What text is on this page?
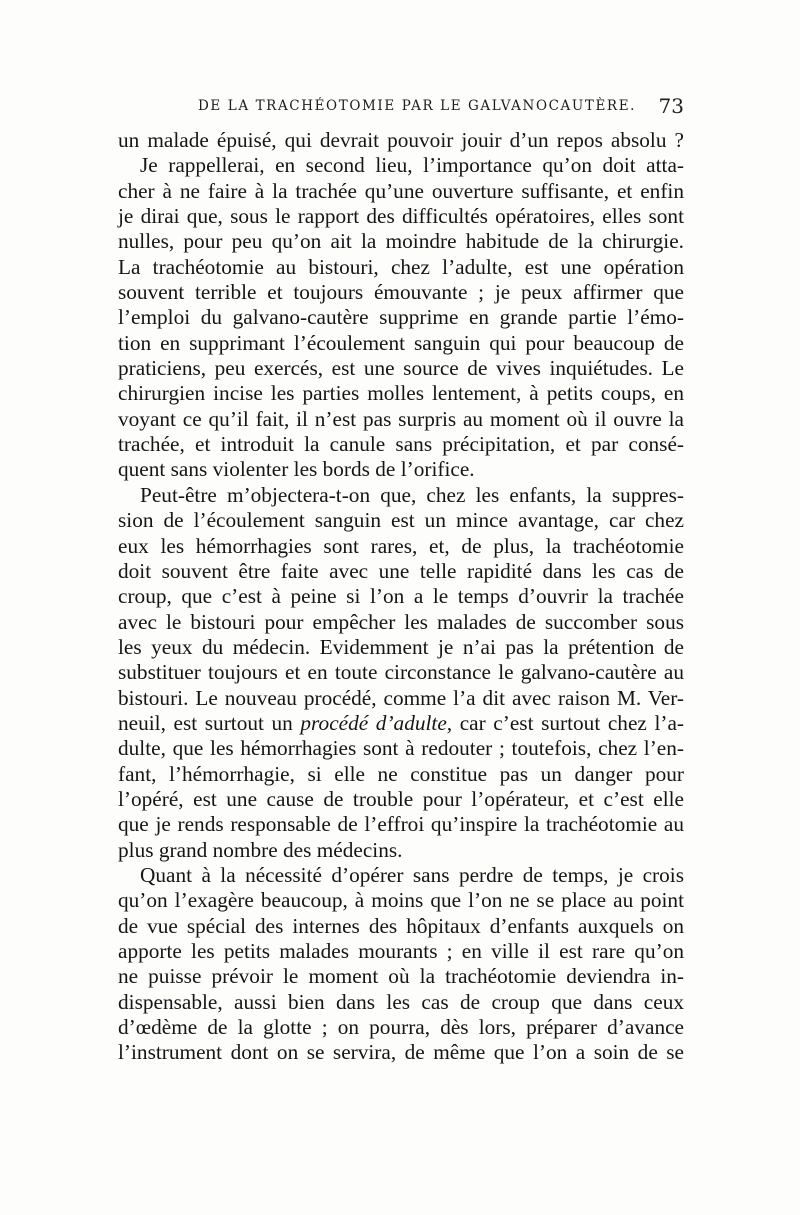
DE LA TRACHÉOTOMIE PAR LE GALVANOCAUTÈRE. 73
un malade épuisé, qui devrait pouvoir jouir d’un repos absolu ?
Je rappellerai, en second lieu, l’importance qu’on doit atta-
cher à ne faire à la trachée qu’une ouverture suffisante, et enfin
je dirai que, sous le rapport des difficultés opératoires, elles sont
nulles, pour peu qu’on ait la moindre habitude de la chirurgie.
La trachéotomie au bistouri, chez l’adulte, est une opération
souvent terrible et toujours émouvante ; je peux affirmer que
l’emploi du galvano-cautère supprime en grande partie l’émo-
tion en supprimant l’écoulement sanguin qui pour beaucoup de
praticiens, peu exercés, est une source de vives inquiétudes. Le
chirurgien incise les parties molles lentement, à petits coups, en
voyant ce qu’il fait, il n’est pas surpris au moment où il ouvre la
trachée, et introduit la canule sans précipitation, et par consé-
quent sans violenter les bords de l’orifice.
Peut-être m’objectera-t-on que, chez les enfants, la suppres-
sion de l’écoulement sanguin est un mince avantage, car chez
eux les hémorrhagies sont rares, et, de plus, la trachéotomie
doit souvent être faite avec une telle rapidité dans les cas de
croup, que c’est à peine si l’on a le temps d’ouvrir la trachée
avec le bistouri pour empêcher les malades de succomber sous
les yeux du médecin. Evidemment je n’ai pas la prétention de
substituer toujours et en toute circonstance le galvano-cautère au
bistouri. Le nouveau procédé, comme l’a dit avec raison M. Ver-
neuil, est surtout un procédé d’adulte, car c’est surtout chez l’a-
dulte, que les hémorrhagies sont à redouter ; toutefois, chez l’en-
fant, l’hémorrhagie, si elle ne constitue pas un danger pour
l’opéré, est une cause de trouble pour l’opérateur, et c’est elle
que je rends responsable de l’effroi qu’inspire la trachéotomie au
plus grand nombre des médecins.
Quant à la nécessité d’opérer sans perdre de temps, je crois
qu’on l’exagère beaucoup, à moins que l’on ne se place au point
de vue spécial des internes des hôpitaux d’enfants auxquels on
apporte les petits malades mourants ; en ville il est rare qu’on
ne puisse prévoir le moment où la trachéotomie deviendra in-
dispensable, aussi bien dans les cas de croup que dans ceux
d’œdème de la glotte ; on pourra, dès lors, préparer d’avance
l’instrument dont on se servira, de même que l’on a soin de se
